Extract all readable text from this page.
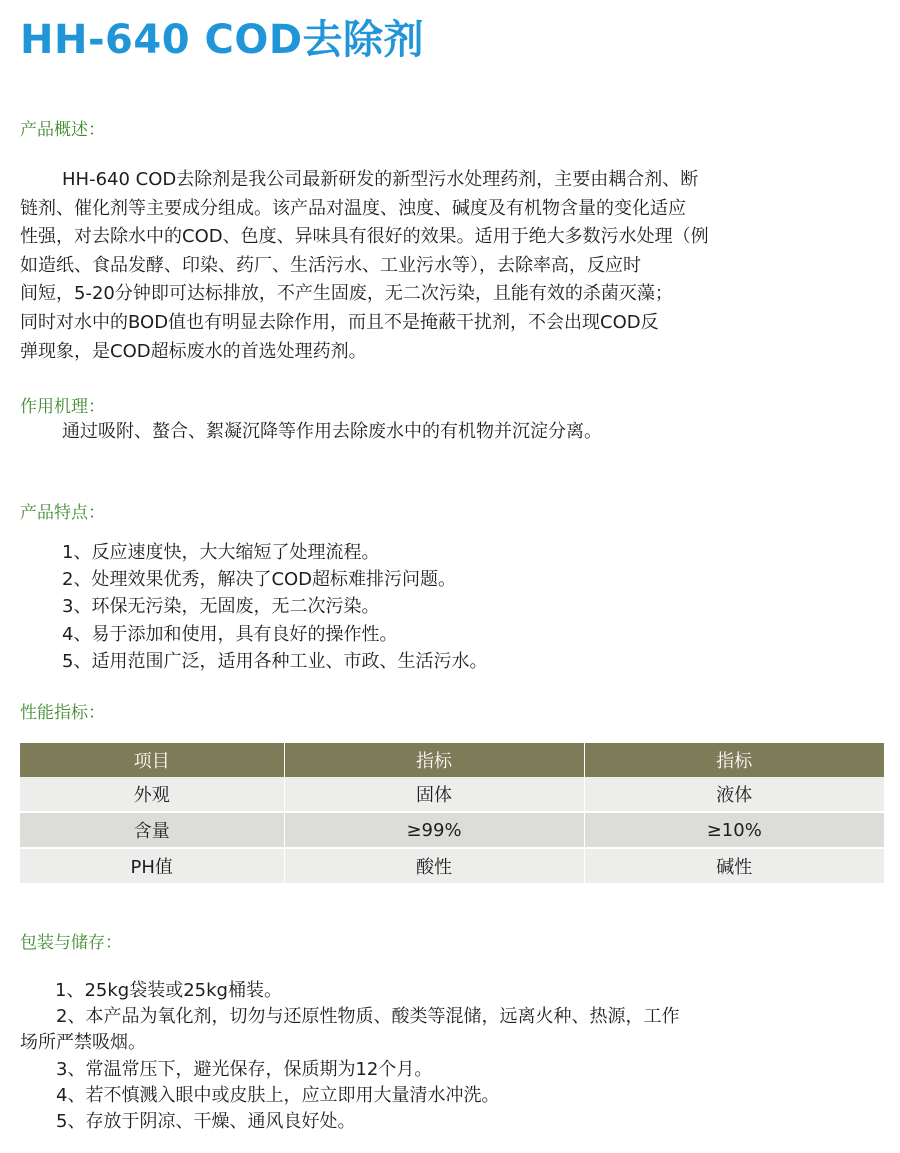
HH-640 COD去除剂
产品概述：
HH-640 COD去除剂是我公司最新研发的新型污水处理药剂，主要由耦合剂、断
链剂、催化剂等主要成分组成。该产品对温度、浊度、碱度及有机物含量的变化适应
性强，对去除水中的COD、色度、异味具有很好的效果。适用于绝大多数污水处理（例
如造纸、食品发酵、印染、药厂、生活污水、工业污水等），去除率高，反应时
间短，5-20分钟即可达标排放，不产生固废，无二次污染，且能有效的杀菌灭藻；
同时对水中的BOD值也有明显去除作用，而且不是掩蔽干扰剂，不会出现COD反
弹现象，是COD超标废水的首选处理药剂。
作用机理：
通过吸附、螯合、絮凝沉降等作用去除废水中的有机物并沉淀分离。
产品特点：
1、反应速度快，大大缩短了处理流程。
2、处理效果优秀，解决了COD超标难排污问题。
3、环保无污染，无固废，无二次污染。
4、易于添加和使用，具有良好的操作性。
5、适用范围广泛，适用各种工业、市政、生活污水。
性能指标：
项目	指标	指标
外观	固体	液体
含量	≥99%	≥10%
PH值	酸性	碱性
包装与储存：
1、25kg袋装或25kg桶装。
2、本产品为氧化剂，切勿与还原性物质、酸类等混储，远离火种、热源，工作
场所严禁吸烟。
3、常温常压下，避光保存，保质期为12个月。
4、若不慎溅入眼中或皮肤上，应立即用大量清水冲洗。
5、存放于阴凉、干燥、通风良好处。
